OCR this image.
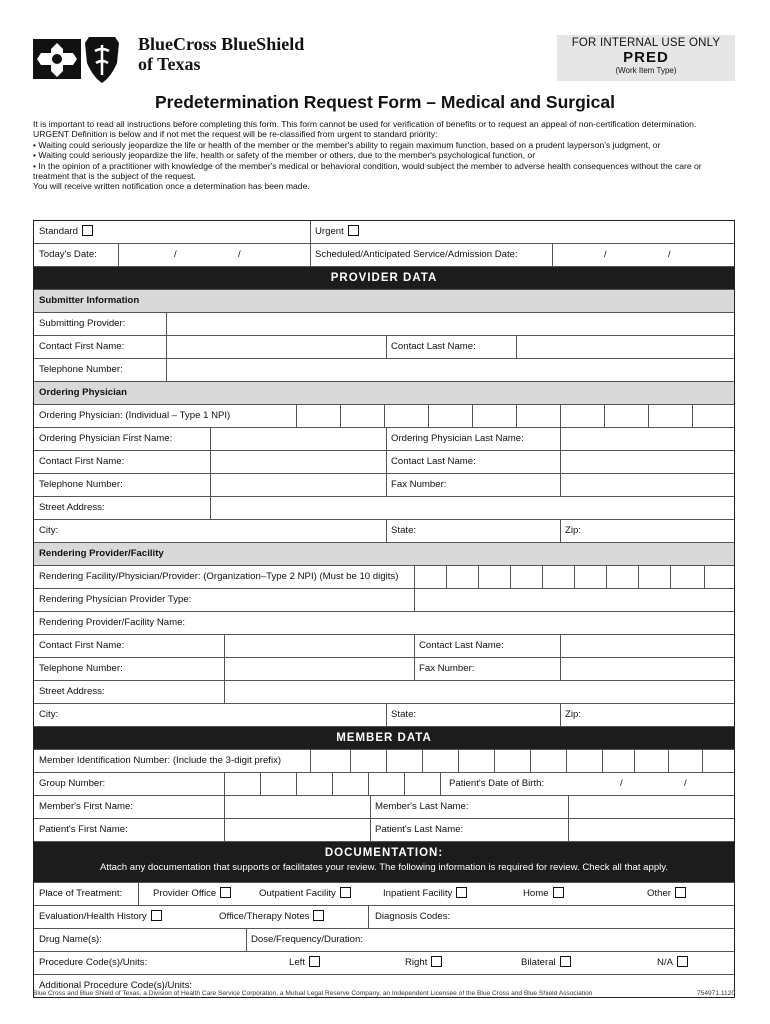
BlueCross BlueShield
of Texas
FOR INTERNAL USE ONLY
PRED
(Work Item Type)
Predetermination Request Form – Medical and Surgical

It is important to read all instructions before completing this form. This form cannot be used for verification of benefits or to request an appeal of non-certification determination.

URGENT Definition is below and if not met the request will be re-classified from urgent to standard priority:

• Waiting could seriously jeopardize the life or health of the member or the member's ability to regain maximum function, based on a prudent layperson's judgment, or

• Waiting could seriously jeopardize the life, health or safety of the member or others, due to the member's psychological function, or

• In the opinion of a practitioner with knowledge of the member's medical or behavioral condition, would subject the member to adverse health consequences without the care or treatment that is the subject of the request.

You will receive written notification once a determination has been made.

Standard	Urgent
Today's Date:	/	/	Scheduled/Anticipated Service/Admission Date:	/	/
PROVIDER DATA
Submitter Information
Submitting Provider:
Contact First Name:	Contact Last Name:
Telephone Number:
Ordering Physician
Ordering Physician: (Individual – Type 1 NPI)
Ordering Physician First Name:	Ordering Physician Last Name:
Contact First Name:	Contact Last Name:
Telephone Number:	Fax Number:
Street Address:
City:	State:	Zip:
Rendering Provider/Facility
Rendering Facility/Physician/Provider: (Organization–Type 2 NPI) (Must be 10 digits)
Rendering Physician Provider Type:
Rendering Provider/Facility Name:
Contact First Name:	Contact Last Name:
Telephone Number:	Fax Number:
Street Address:
City:	State:	Zip:
MEMBER DATA
Member Identification Number: (Include the 3-digit prefix)
Group Number:	Patient's Date of Birth:	/	/
Member's First Name:	Member's Last Name:
Patient's First Name:	Patient's Last Name:
DOCUMENTATION:
Attach any documentation that supports or facilitates your review. The following information is required for review. Check all that apply.
Place of Treatment:	Provider Office	Outpatient Facility	Inpatient Facility	Home	Other
Evaluation/Health History	Office/Therapy Notes	Diagnosis Codes:
Drug Name(s):	Dose/Frequency/Duration:
Procedure Code(s)/Units:	Left	Right	Bilateral	N/A
Additional Procedure Code(s)/Units:
Blue Cross and Blue Shield of Texas, a Division of Health Care Service Corporation, a Mutual Legal Reserve Company, an Independent Licensee of the Blue Cross and Blue Shield Association	754971.1120
